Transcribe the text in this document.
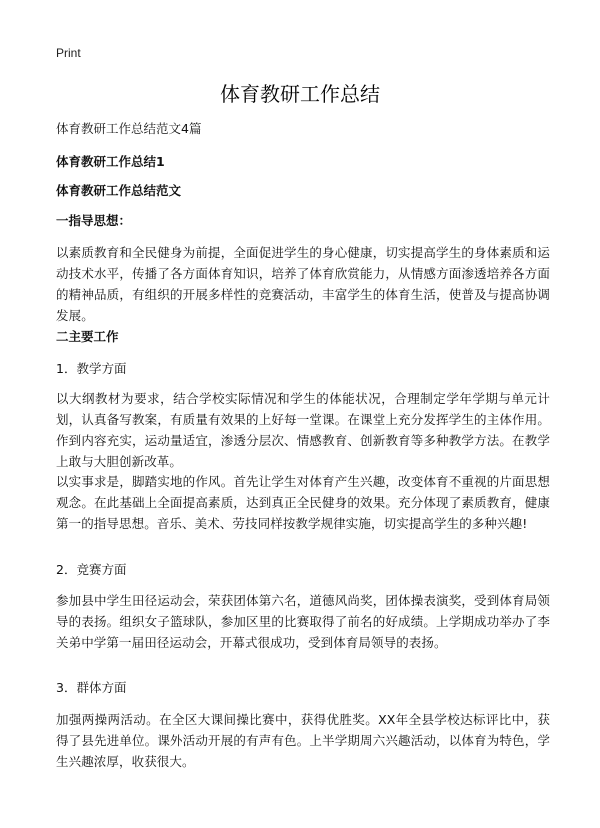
Print
体育教研工作总结
体育教研工作总结范文4篇
体育教研工作总结1
体育教研工作总结范文
一指导思想：
以素质教育和全民健身为前提，全面促进学生的身心健康，切实提高学生的身体素质和运动技术水平，传播了各方面体育知识，培养了体育欣赏能力，从情感方面渗透培养各方面的精神品质，有组织的开展多样性的竞赛活动，丰富学生的体育生活，使普及与提高协调发展。
二主要工作
1．教学方面
以大纲教材为要求，结合学校实际情况和学生的体能状况，合理制定学年学期与单元计划，认真备写教案，有质量有效果的上好每一堂课。在课堂上充分发挥学生的主体作用。作到内容充实，运动量适宜，渗透分层次、情感教育、创新教育等多种教学方法。在教学上敢与大胆创新改革。
以实事求是，脚踏实地的作风。首先让学生对体育产生兴趣，改变体育不重视的片面思想观念。在此基础上全面提高素质，达到真正全民健身的效果。充分体现了素质教育，健康第一的指导思想。音乐、美术、劳技同样按教学规律实施，切实提高学生的多种兴趣!
2．竞赛方面
参加县中学生田径运动会，荣获团体第六名，道德风尚奖，团体操表演奖，受到体育局领导的表扬。组织女子篮球队，参加区里的比赛取得了前名的好成绩。上学期成功举办了李关弟中学第一届田径运动会，开幕式很成功，受到体育局领导的表扬。
3．群体方面
加强两操两活动。在全区大课间操比赛中，获得优胜奖。XX年全县学校达标评比中，获得了县先进单位。课外活动开展的有声有色。上半学期周六兴趣活动，以体育为特色，学生兴趣浓厚，收获很大。
